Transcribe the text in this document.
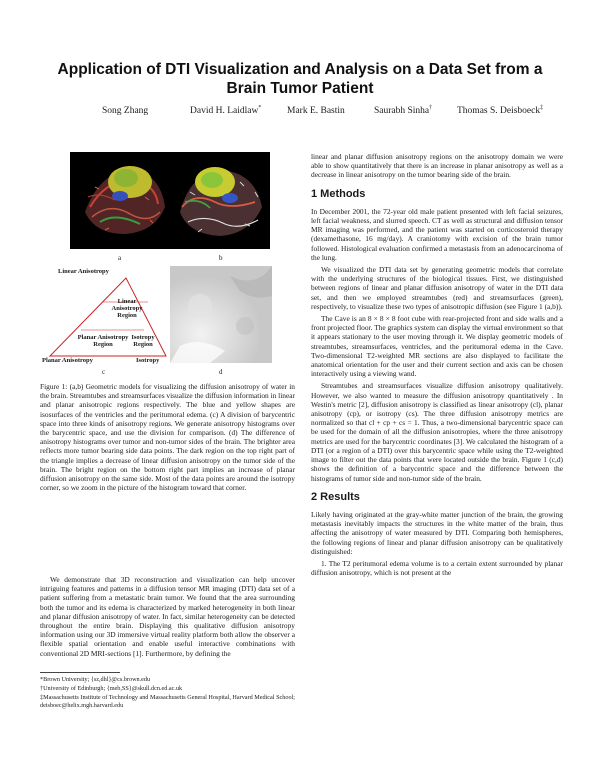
Application of DTI Visualization and Analysis on a Data Set from a Brain Tumor Patient
Song Zhang	David H. Laidlaw*	Mark E. Bastin	Saurabh Sinha†	Thomas S. Deisboeck‡
a	b
Linear Anisotropy
Linear Anisotropy Region
Planar Anisotropy Region
Isotropy Region
Planar Anisotropy	Isotropy
c	d
Figure 1: (a,b) Geometric models for visualizing the diffusion anisotropy of water in the brain. Streamtubes and streamsurfaces visualize the diffusion information in linear and planar anisotropic regions respectively. The blue and yellow shapes are isosurfaces of the ventricles and the peritumoral edema. (c) A division of barycentric space into three kinds of anisotropy regions. We generate anisotropy histograms over the barycentric space, and use the division for comparison. (d) The difference of anisotropy histograms over tumor and non-tumor sides of the brain. The brighter area reflects more tumor bearing side data points. The dark region on the top right part of the triangle implies a decrease of linear diffusion anisotropy on the tumor side of the brain. The bright region on the bottom right part implies an increase of planar diffusion anisotropy on the same side. Most of the data points are around the isotropy corner, so we zoom in the picture of the histogram toward that corner.

We demonstrate that 3D reconstruction and visualization can help uncover intriguing features and patterns in a diffusion tensor MR imaging (DTI) data set of a patient suffering from a metastatic brain tumor. We found that the area surrounding both the tumor and its edema is characterized by marked heterogeneity in both linear and planar diffusion anisotropy of water. In fact, similar heterogeneity can be detected throughout the entire brain. Displaying this qualitative diffusion anisotropy information using our 3D immersive virtual reality platform both allow the observer a flexible spatial orientation and enable useful interactive combinations with conventional 2D MRI-sections [1]. Furthermore, by defining the

*Brown University; {sz,dhl}@cs.brown.edu
†University of Edinburgh; {meb,SS}@skull.dcn.ed.ac.uk
‡Massachusetts Institute of Technology and Massachusetts General Hospital, Harvard Medical School; deisboec@helix.mgh.harvard.edu

linear and planar diffusion anisotropy regions on the anisotropy domain we were able to show quantitatively that there is an increase in planar anisotropy as well as a decrease in linear anisotropy on the tumor bearing side of the brain.

1 Methods

In December 2001, the 72-year old male patient presented with left facial seizures, left facial weakness, and slurred speech. CT as well as structural and diffusion tensor MR imaging was performed, and the patient was started on corticosteroid therapy (dexamethasone, 16 mg/day). A craniotomy with excision of the brain tumor followed. Histological evaluation confirmed a metastasis from an adenocarcinoma of the lung.

We visualized the DTI data set by generating geometric models that correlate with the underlying structures of the biological tissues. First, we distinguished between regions of linear and planar diffusion anisotropy of water in the DTI data set, and then we employed streamtubes (red) and streamsurfaces (green), respectively, to visualize these two types of anisotropic diffusion (see Figure 1 (a,b)).

The Cave is an 8 × 8 × 8 foot cube with rear-projected front and side walls and a front projected floor. The graphics system can display the virtual environment so that it appears stationary to the user moving through it. We display geometric models of streamtubes, streamsurfaces, ventricles, and the peritumoral edema in the Cave. Two-dimensional T2-weighted MR sections are also displayed to facilitate the anatomical orientation for the user and their current section and axis can be chosen interactively using a viewing wand.

Streamtubes and streamsurfaces visualize diffusion anisotropy qualitatively. However, we also wanted to measure the diffusion anisotropy quantitatively . In Westin's metric [2], diffusion anisotropy is classified as linear anisotropy (cl), planar anisotropy (cp), or isotropy (cs). The three diffusion anisotropy metrics are normalized so that cl + cp + cs = 1. Thus, a two-dimensional barycentric space can be used for the domain of all the diffusion anisotropies, where the three anisotropy metrics are used for the barycentric coordinates [3]. We calculated the histogram of a DTI (or a region of a DTI) over this barycentric space while using the T2-weighted image to filter out the data points that were located outside the brain. Figure 1 (c,d) shows the definition of a barycentric space and the difference between the histograms of tumor side and non-tumor side of the brain.

2 Results

Likely having originated at the gray-white matter junction of the brain, the growing metastasis inevitably impacts the structures in the white matter of the brain, thus affecting the anisotropy of water measured by DTI. Comparing both hemispheres, the following regions of linear and planar diffusion anisotropy can be qualitatively distinguished:

1. The T2 peritumoral edema volume is to a certain extent surrounded by planar diffusion anisotropy, which is not present at the
